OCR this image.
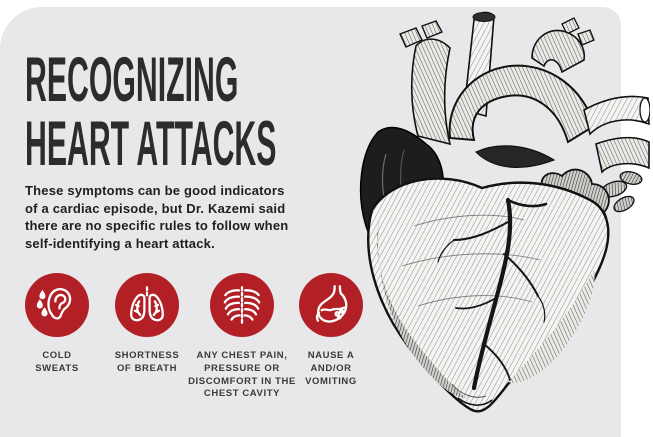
RECOGNIZING
HEART ATTACKS
These symptoms can be good indicators
of a cardiac episode, but Dr. Kazemi said
there are no specific rules to follow when
self-identifying a heart attack.
COLD
SWEATS
SHORTNESS
OF BREATH
ANY CHEST PAIN,
PRESSURE OR
DISCOMFORT IN THE
CHEST CAVITY
NAUSE A
AND/OR
VOMITING
